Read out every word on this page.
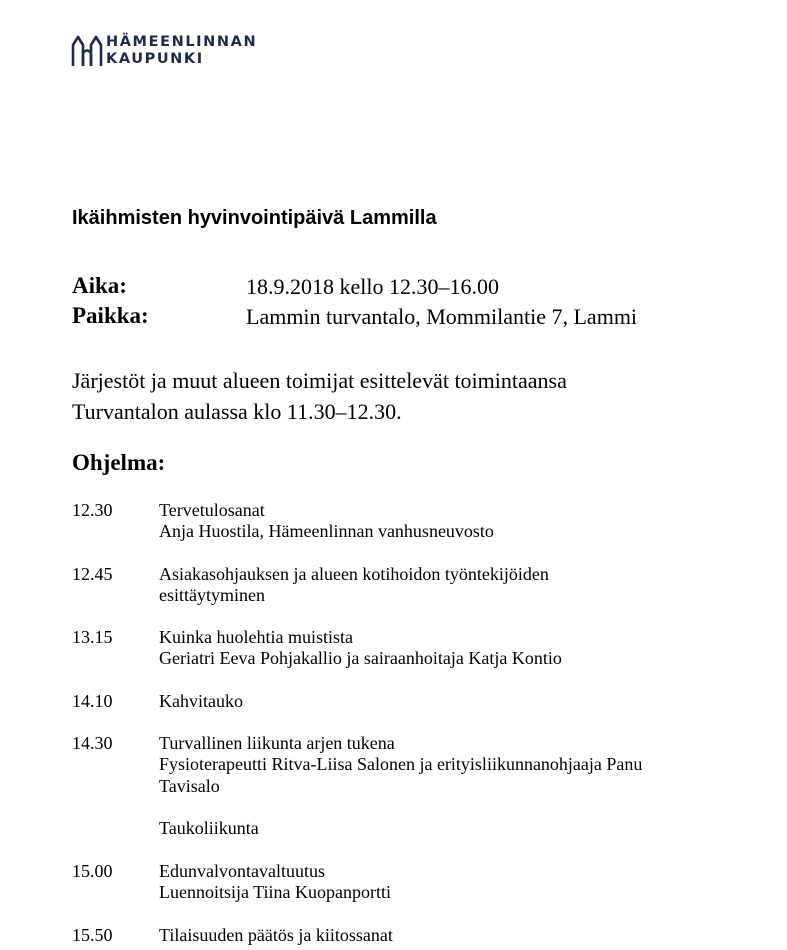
HÄMEENLINNAN
KAUPUNKI
Ikäihmisten hyvinvointipäivä Lammilla
Aika:	18.9.2018 kello 12.30–16.00
Paikka:	Lammin turvantalo, Mommilantie 7, Lammi
Järjestöt ja muut alueen toimijat esittelevät toimintaansa
Turvantalon aulassa klo 11.30–12.30.
Ohjelma:
12.30	Tervetulosanat
Anja Huostila, Hämeenlinnan vanhusneuvosto
12.45	Asiakasohjauksen ja alueen kotihoidon työntekijöiden
esittäytyminen
13.15	Kuinka huolehtia muistista
Geriatri Eeva Pohjakallio ja sairaanhoitaja Katja Kontio
14.10	Kahvitauko
14.30	Turvallinen liikunta arjen tukena
Fysioterapeutti Ritva-Liisa Salonen ja erityisliikunnanohjaaja Panu
Tavisalo
Taukoliikunta
15.00	Edunvalvontavaltuutus
Luennoitsija Tiina Kuopanportti
15.50	Tilaisuuden päätös ja kiitossanat
